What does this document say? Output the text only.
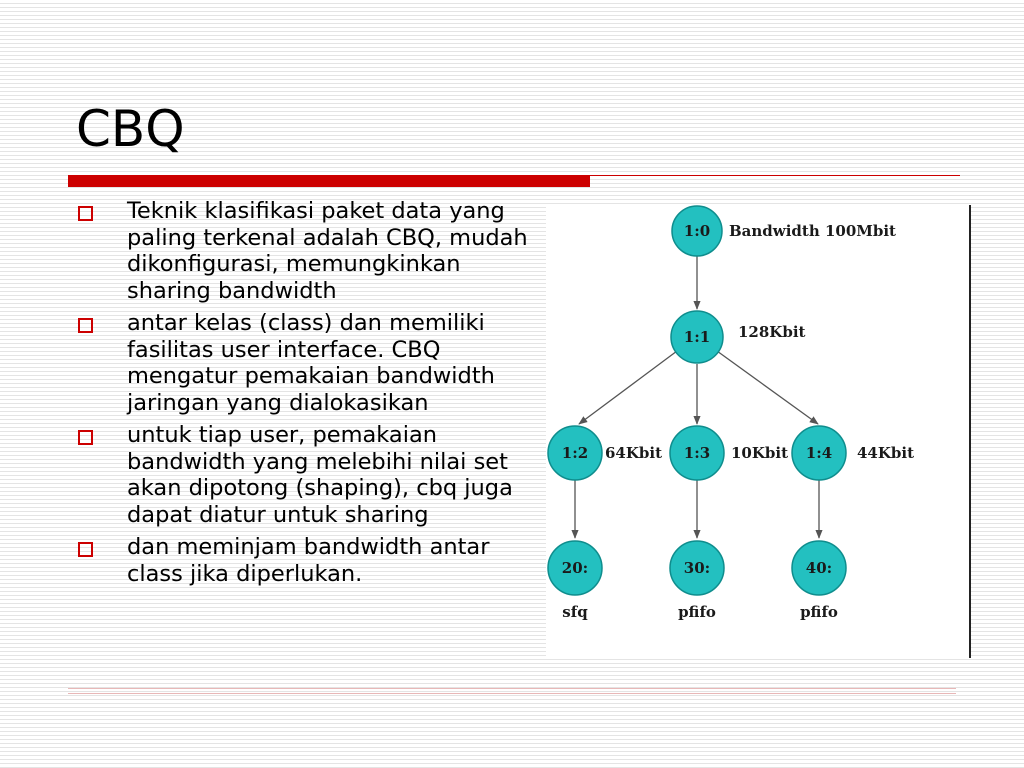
CBQ
Teknik klasifikasi paket data yang paling terkenal adalah CBQ, mudah dikonfigurasi, memungkinkan sharing bandwidth
antar kelas (class) dan memiliki fasilitas user interface. CBQ mengatur pemakaian bandwidth jaringan yang dialokasikan
untuk tiap user, pemakaian bandwidth yang melebihi nilai set akan dipotong (shaping), cbq juga dapat diatur untuk sharing
dan meminjam bandwidth antar class jika diperlukan.
1:0 Bandwidth 100Mbit
1:1 128Kbit
1:2 64Kbit 1:3 10Kbit 1:4 44Kbit
20:
sfq
30:
pfifo
40:
pfifo
